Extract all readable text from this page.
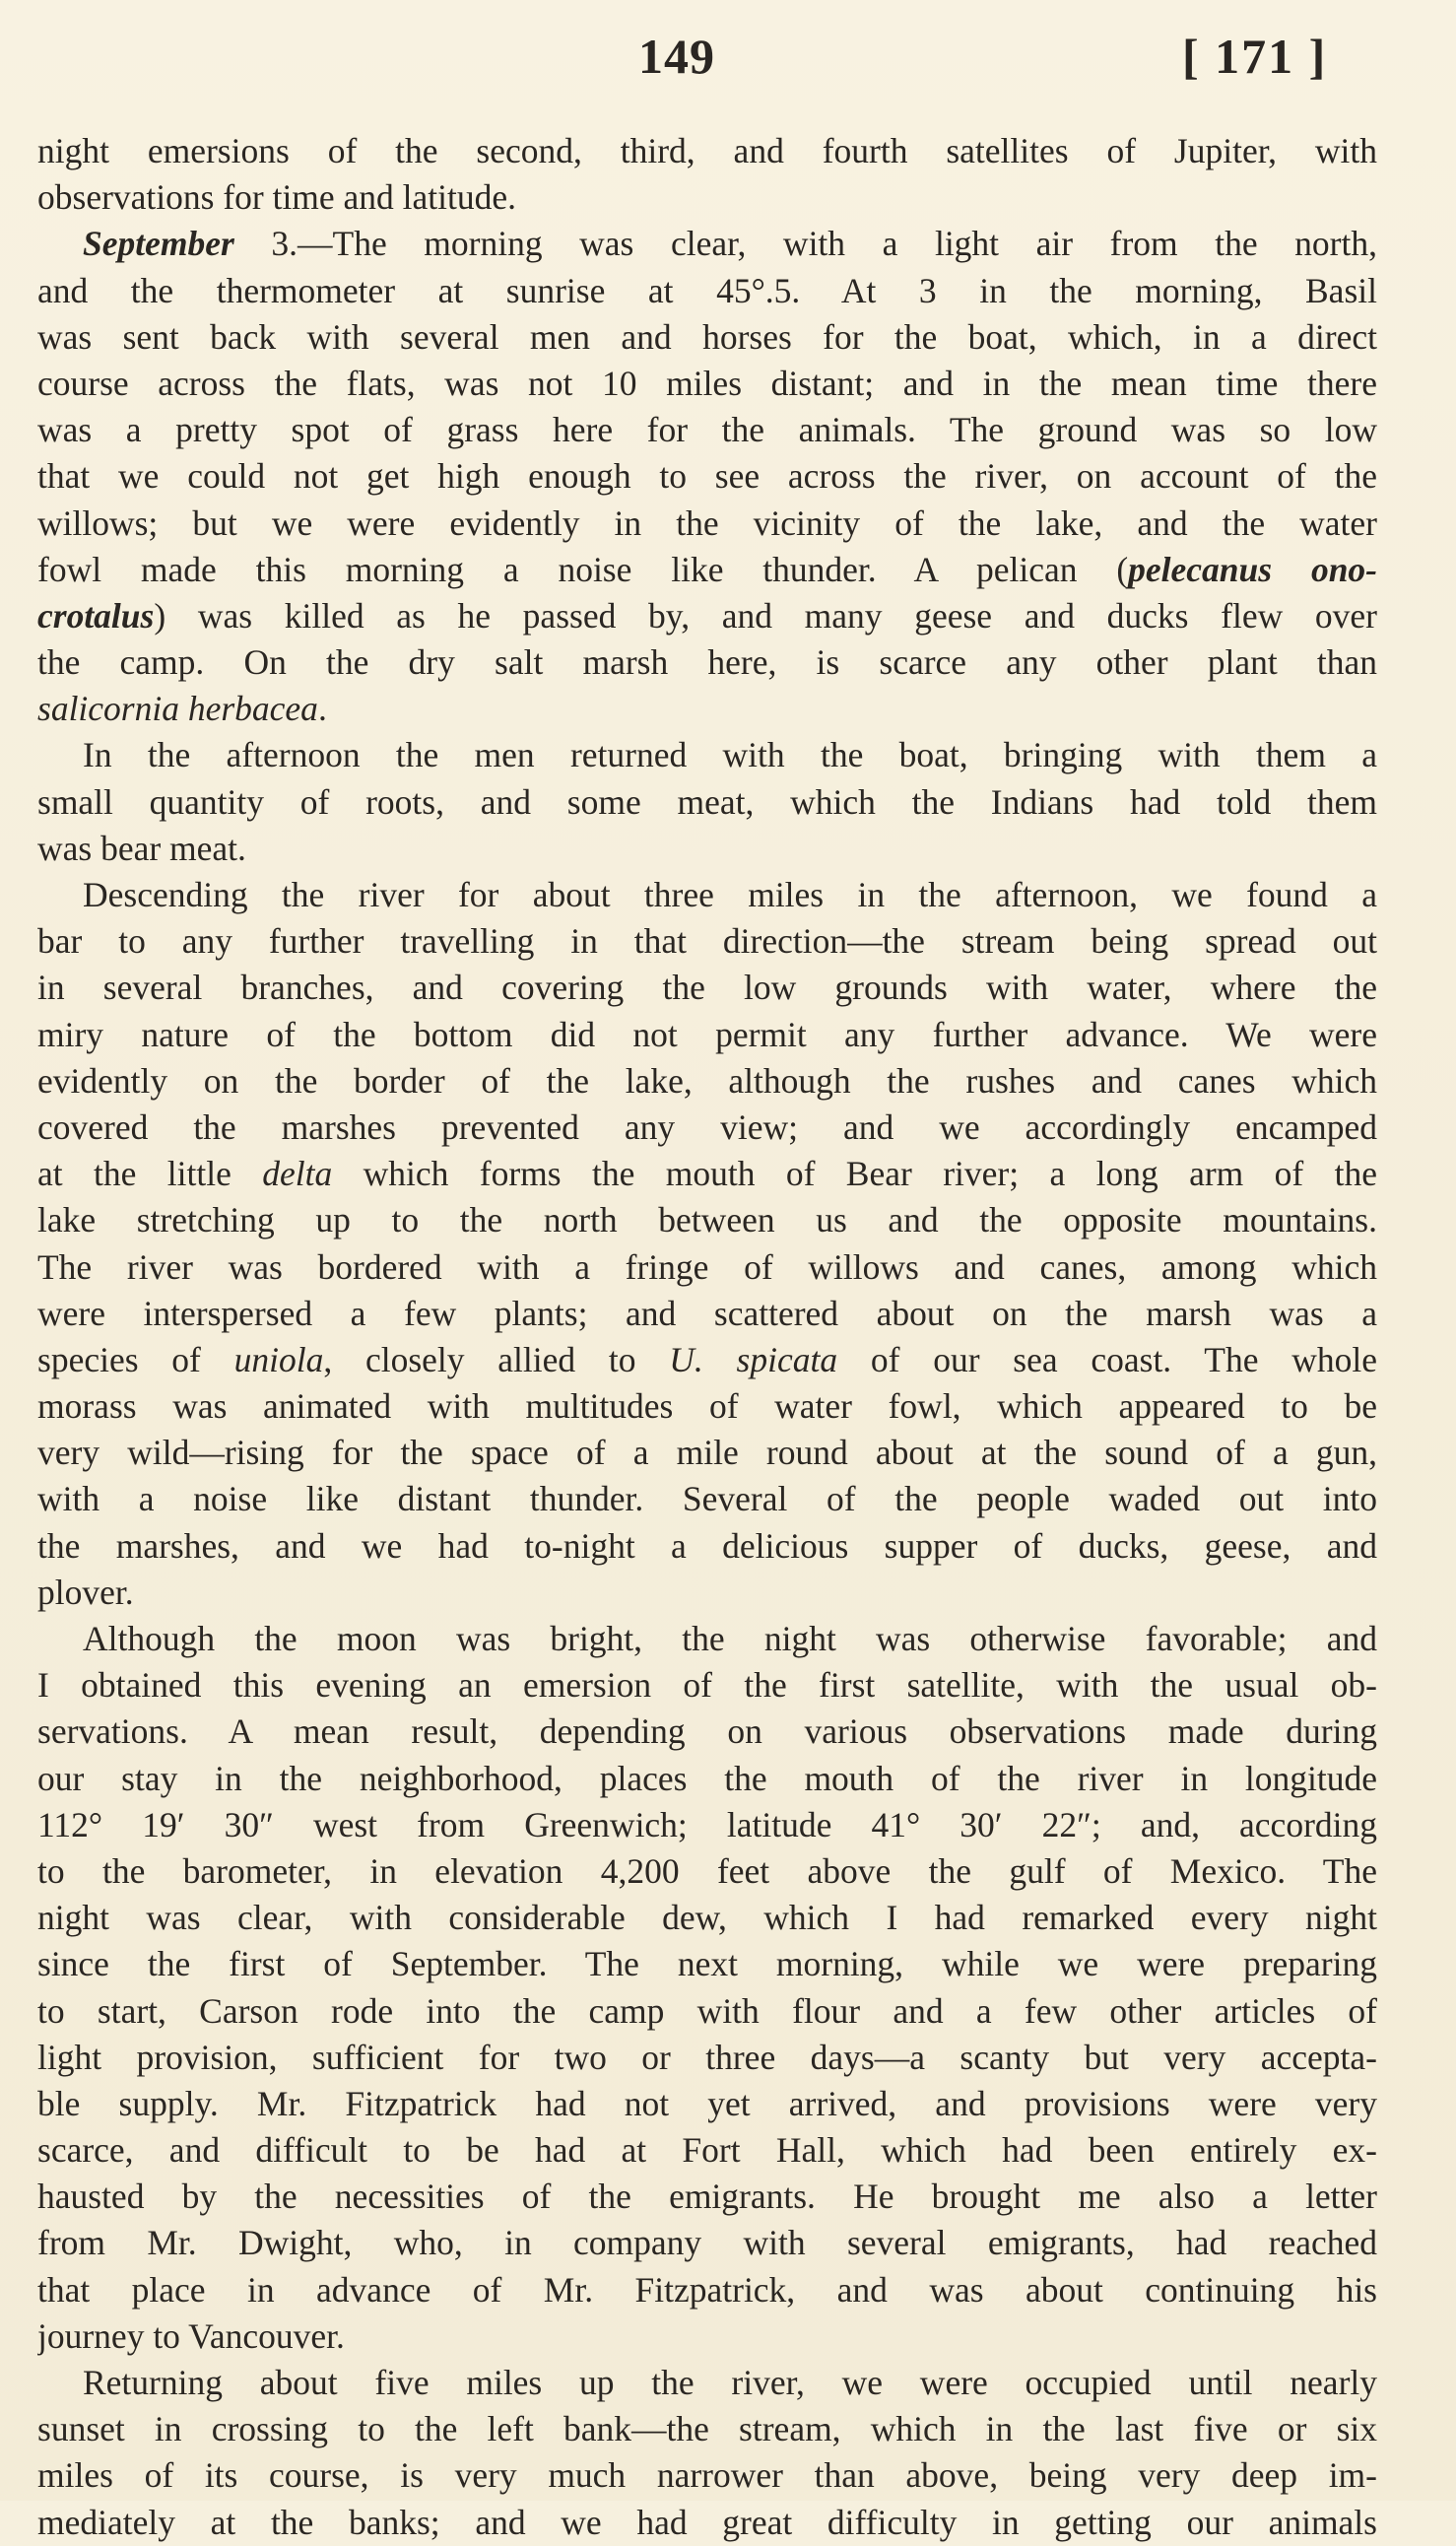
149	[ 171 ]
night emersions of the second, third, and fourth satellites of Jupiter, with
observations for time and latitude.
September 3.—The morning was clear, with a light air from the north,
and the thermometer at sunrise at 45°.5. At 3 in the morning, Basil
was sent back with several men and horses for the boat, which, in a direct
course across the flats, was not 10 miles distant; and in the mean time there
was a pretty spot of grass here for the animals. The ground was so low
that we could not get high enough to see across the river, on account of the
willows; but we were evidently in the vicinity of the lake, and the water
fowl made this morning a noise like thunder. A pelican (pelecanus ono-
crotalus) was killed as he passed by, and many geese and ducks flew over
the camp. On the dry salt marsh here, is scarce any other plant than
salicornia herbacea.
In the afternoon the men returned with the boat, bringing with them a
small quantity of roots, and some meat, which the Indians had told them
was bear meat.
Descending the river for about three miles in the afternoon, we found a
bar to any further travelling in that direction—the stream being spread out
in several branches, and covering the low grounds with water, where the
miry nature of the bottom did not permit any further advance. We were
evidently on the border of the lake, although the rushes and canes which
covered the marshes prevented any view; and we accordingly encamped
at the little delta which forms the mouth of Bear river; a long arm of the
lake stretching up to the north between us and the opposite mountains.
The river was bordered with a fringe of willows and canes, among which
were interspersed a few plants; and scattered about on the marsh was a
species of uniola, closely allied to U. spicata of our sea coast. The whole
morass was animated with multitudes of water fowl, which appeared to be
very wild—rising for the space of a mile round about at the sound of a gun,
with a noise like distant thunder. Several of the people waded out into
the marshes, and we had to-night a delicious supper of ducks, geese, and
plover.
Although the moon was bright, the night was otherwise favorable; and
I obtained this evening an emersion of the first satellite, with the usual ob-
servations. A mean result, depending on various observations made during
our stay in the neighborhood, places the mouth of the river in longitude
112° 19′ 30″ west from Greenwich; latitude 41° 30′ 22″; and, according
to the barometer, in elevation 4,200 feet above the gulf of Mexico. The
night was clear, with considerable dew, which I had remarked every night
since the first of September. The next morning, while we were preparing
to start, Carson rode into the camp with flour and a few other articles of
light provision, sufficient for two or three days—a scanty but very accepta-
ble supply. Mr. Fitzpatrick had not yet arrived, and provisions were very
scarce, and difficult to be had at Fort Hall, which had been entirely ex-
hausted by the necessities of the emigrants. He brought me also a letter
from Mr. Dwight, who, in company with several emigrants, had reached
that place in advance of Mr. Fitzpatrick, and was about continuing his
journey to Vancouver.
Returning about five miles up the river, we were occupied until nearly
sunset in crossing to the left bank—the stream, which in the last five or six
miles of its course, is very much narrower than above, being very deep im-
mediately at the banks; and we had great difficulty in getting our animals
